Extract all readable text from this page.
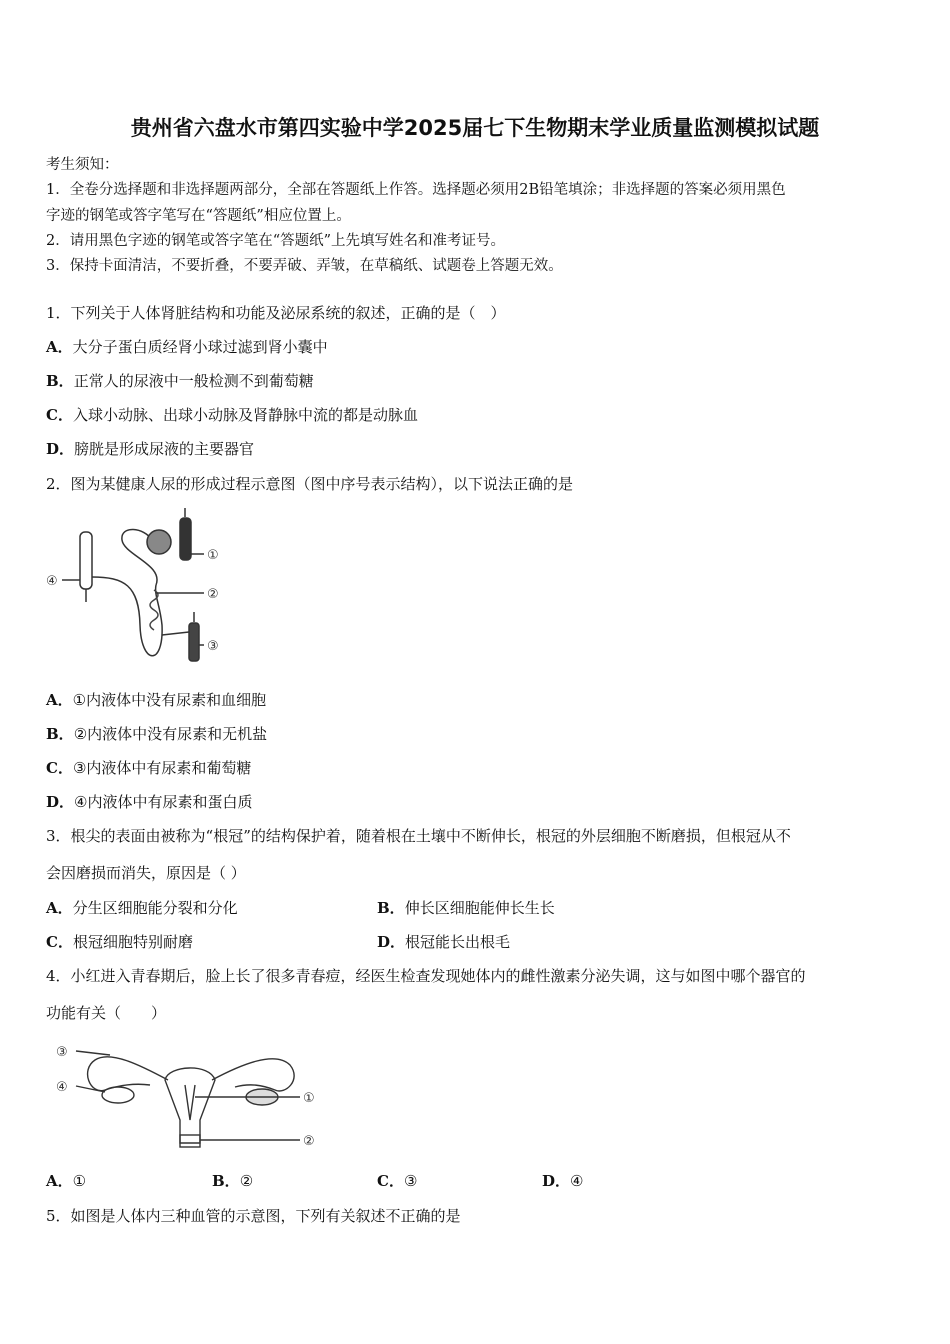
贵州省六盘水市第四实验中学2025届七下生物期末学业质量监测模拟试题
考生须知：
1．全卷分选择题和非选择题两部分，全部在答题纸上作答。选择题必须用2B铅笔填涂；非选择题的答案必须用黑色
字迹的钢笔或答字笔写在“答题纸”相应位置上。
2．请用黑色字迹的钢笔或答字笔在“答题纸”上先填写姓名和准考证号。
3．保持卡面清洁，不要折叠，不要弄破、弄皱，在草稿纸、试题卷上答题无效。
1．下列关于人体肾脏结构和功能及泌尿系统的叙述，正确的是（　）
A．大分子蛋白质经肾小球过滤到肾小囊中
B．正常人的尿液中一般检测不到葡萄糖
C．入球小动脉、出球小动脉及肾静脉中流的都是动脉血
D．膀胱是形成尿液的主要器官
2．图为某健康人尿的形成过程示意图（图中序号表示结构），以下说法正确的是
①
②
③
④
A．①内液体中没有尿素和血细胞
B．②内液体中没有尿素和无机盐
C．③内液体中有尿素和葡萄糖
D．④内液体中有尿素和蛋白质
3．根尖的表面由被称为“根冠”的结构保护着，随着根在土壤中不断伸长，根冠的外层细胞不断磨损，但根冠从不
会因磨损而消失，原因是（ ）
A．分生区细胞能分裂和分化	B．伸长区细胞能伸长生长
C．根冠细胞特别耐磨	D．根冠能长出根毛
4．小红进入青春期后，脸上长了很多青春痘，经医生检查发现她体内的雌性激素分泌失调，这与如图中哪个器官的
功能有关（　　）
③
④
①
②
A．①	B．②	C．③	D．④
5．如图是人体内三种血管的示意图，下列有关叙述不正确的是
